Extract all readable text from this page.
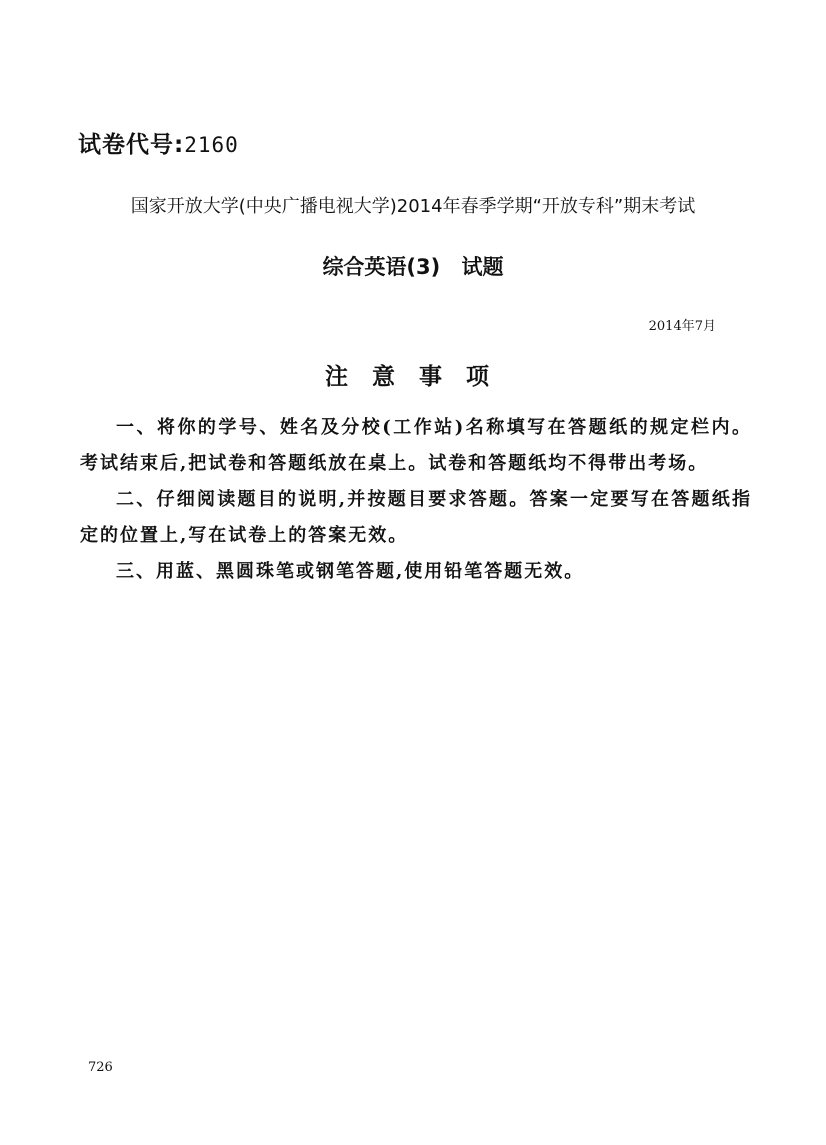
试卷代号:2160
国家开放大学(中央广播电视大学)2014年春季学期“开放专科”期末考试
综合英语(3) 试题
2014年7月
注意事项

一、将你的学号、姓名及分校(工作站)名称填写在答题纸的规定栏内。考试结束后,把试卷和答题纸放在桌上。试卷和答题纸均不得带出考场。

二、仔细阅读题目的说明,并按题目要求答题。答案一定要写在答题纸指定的位置上,写在试卷上的答案无效。

三、用蓝、黑圆珠笔或钢笔答题,使用铅笔答题无效。

726
